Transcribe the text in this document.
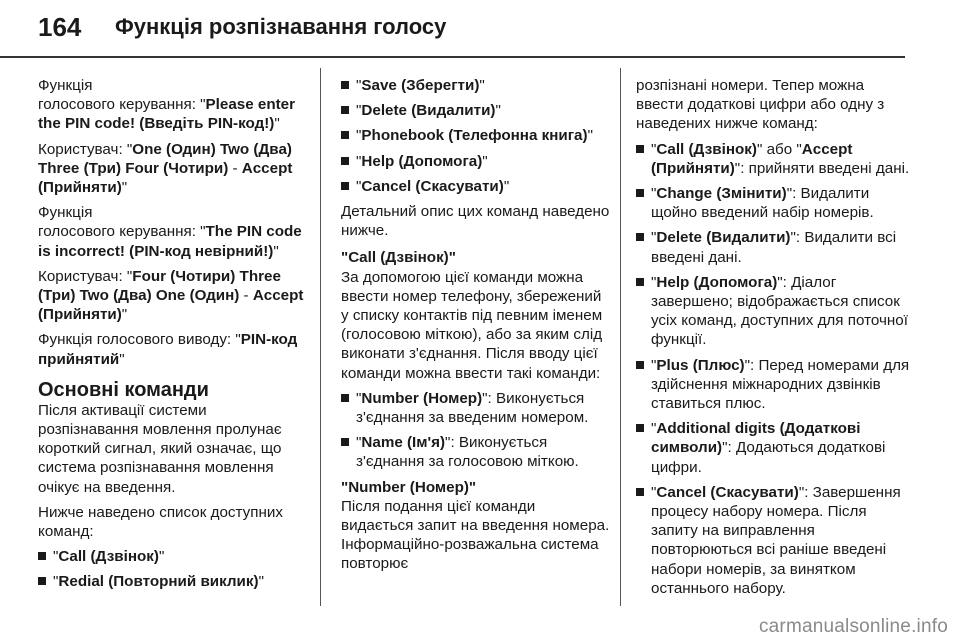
164 Функція розпізнавання голосу

Функція
голосового керування: "Please enter the PIN code! (Введіть PIN-код!)"

Користувач: "One (Один) Two (Два) Three (Три) Four (Чотири) - Accept (Прийняти)"

Функція
голосового керування: "The PIN code is incorrect! (PIN-код невірний!)"

Користувач: "Four (Чотири) Three (Три) Two (Два) One (Один) - Accept (Прийняти)"

Функція голосового виводу: "PIN-код прийнятий"

Основні команди

Після активації системи розпізнавання мовлення пролунає короткий сигнал, який означає, що система розпізнавання мовлення очікує на введення.

Нижче наведено список доступних команд:

"Call (Дзвінок)"
"Redial (Повторний виклик)"
"Save (Зберегти)"
"Delete (Видалити)"
"Phonebook (Телефонна книга)"
"Help (Допомога)"
"Cancel (Скасувати)"

Детальний опис цих команд наведено нижче.

"Call (Дзвінок)"

За допомогою цієї команди можна ввести номер телефону, збережений у списку контактів під певним іменем (голосовою міткою), або за яким слід виконати з'єднання. Після вводу цієї команди можна ввести такі команди:

"Number (Номер)": Виконується з'єднання за введеним номером.
"Name (Ім'я)": Виконується з'єднання за голосовою міткою.
"Number (Номер)"

Після подання цієї команди видається запит на введення номера. Інформаційно-розважальна система повторює

розпізнані номери. Тепер можна ввести додаткові цифри або одну з наведених нижче команд:

"Call (Дзвінок)" або "Accept (Прийняти)": прийняти введені дані.
"Change (Змінити)": Видалити щойно введений набір номерів.
"Delete (Видалити)": Видалити всі введені дані.
"Help (Допомога)": Діалог завершено; відображається список усіх команд, доступних для поточної функції.
"Plus (Плюс)": Перед номерами для здійснення міжнародних дзвінків ставиться плюс.
"Additional digits (Додаткові символи)": Додаються додаткові цифри.
"Cancel (Скасувати)": Завершення процесу набору номера. Після запиту на виправлення повторюються всі раніше введені набори номерів, за винятком останнього набору.
carmanualsonline.info
